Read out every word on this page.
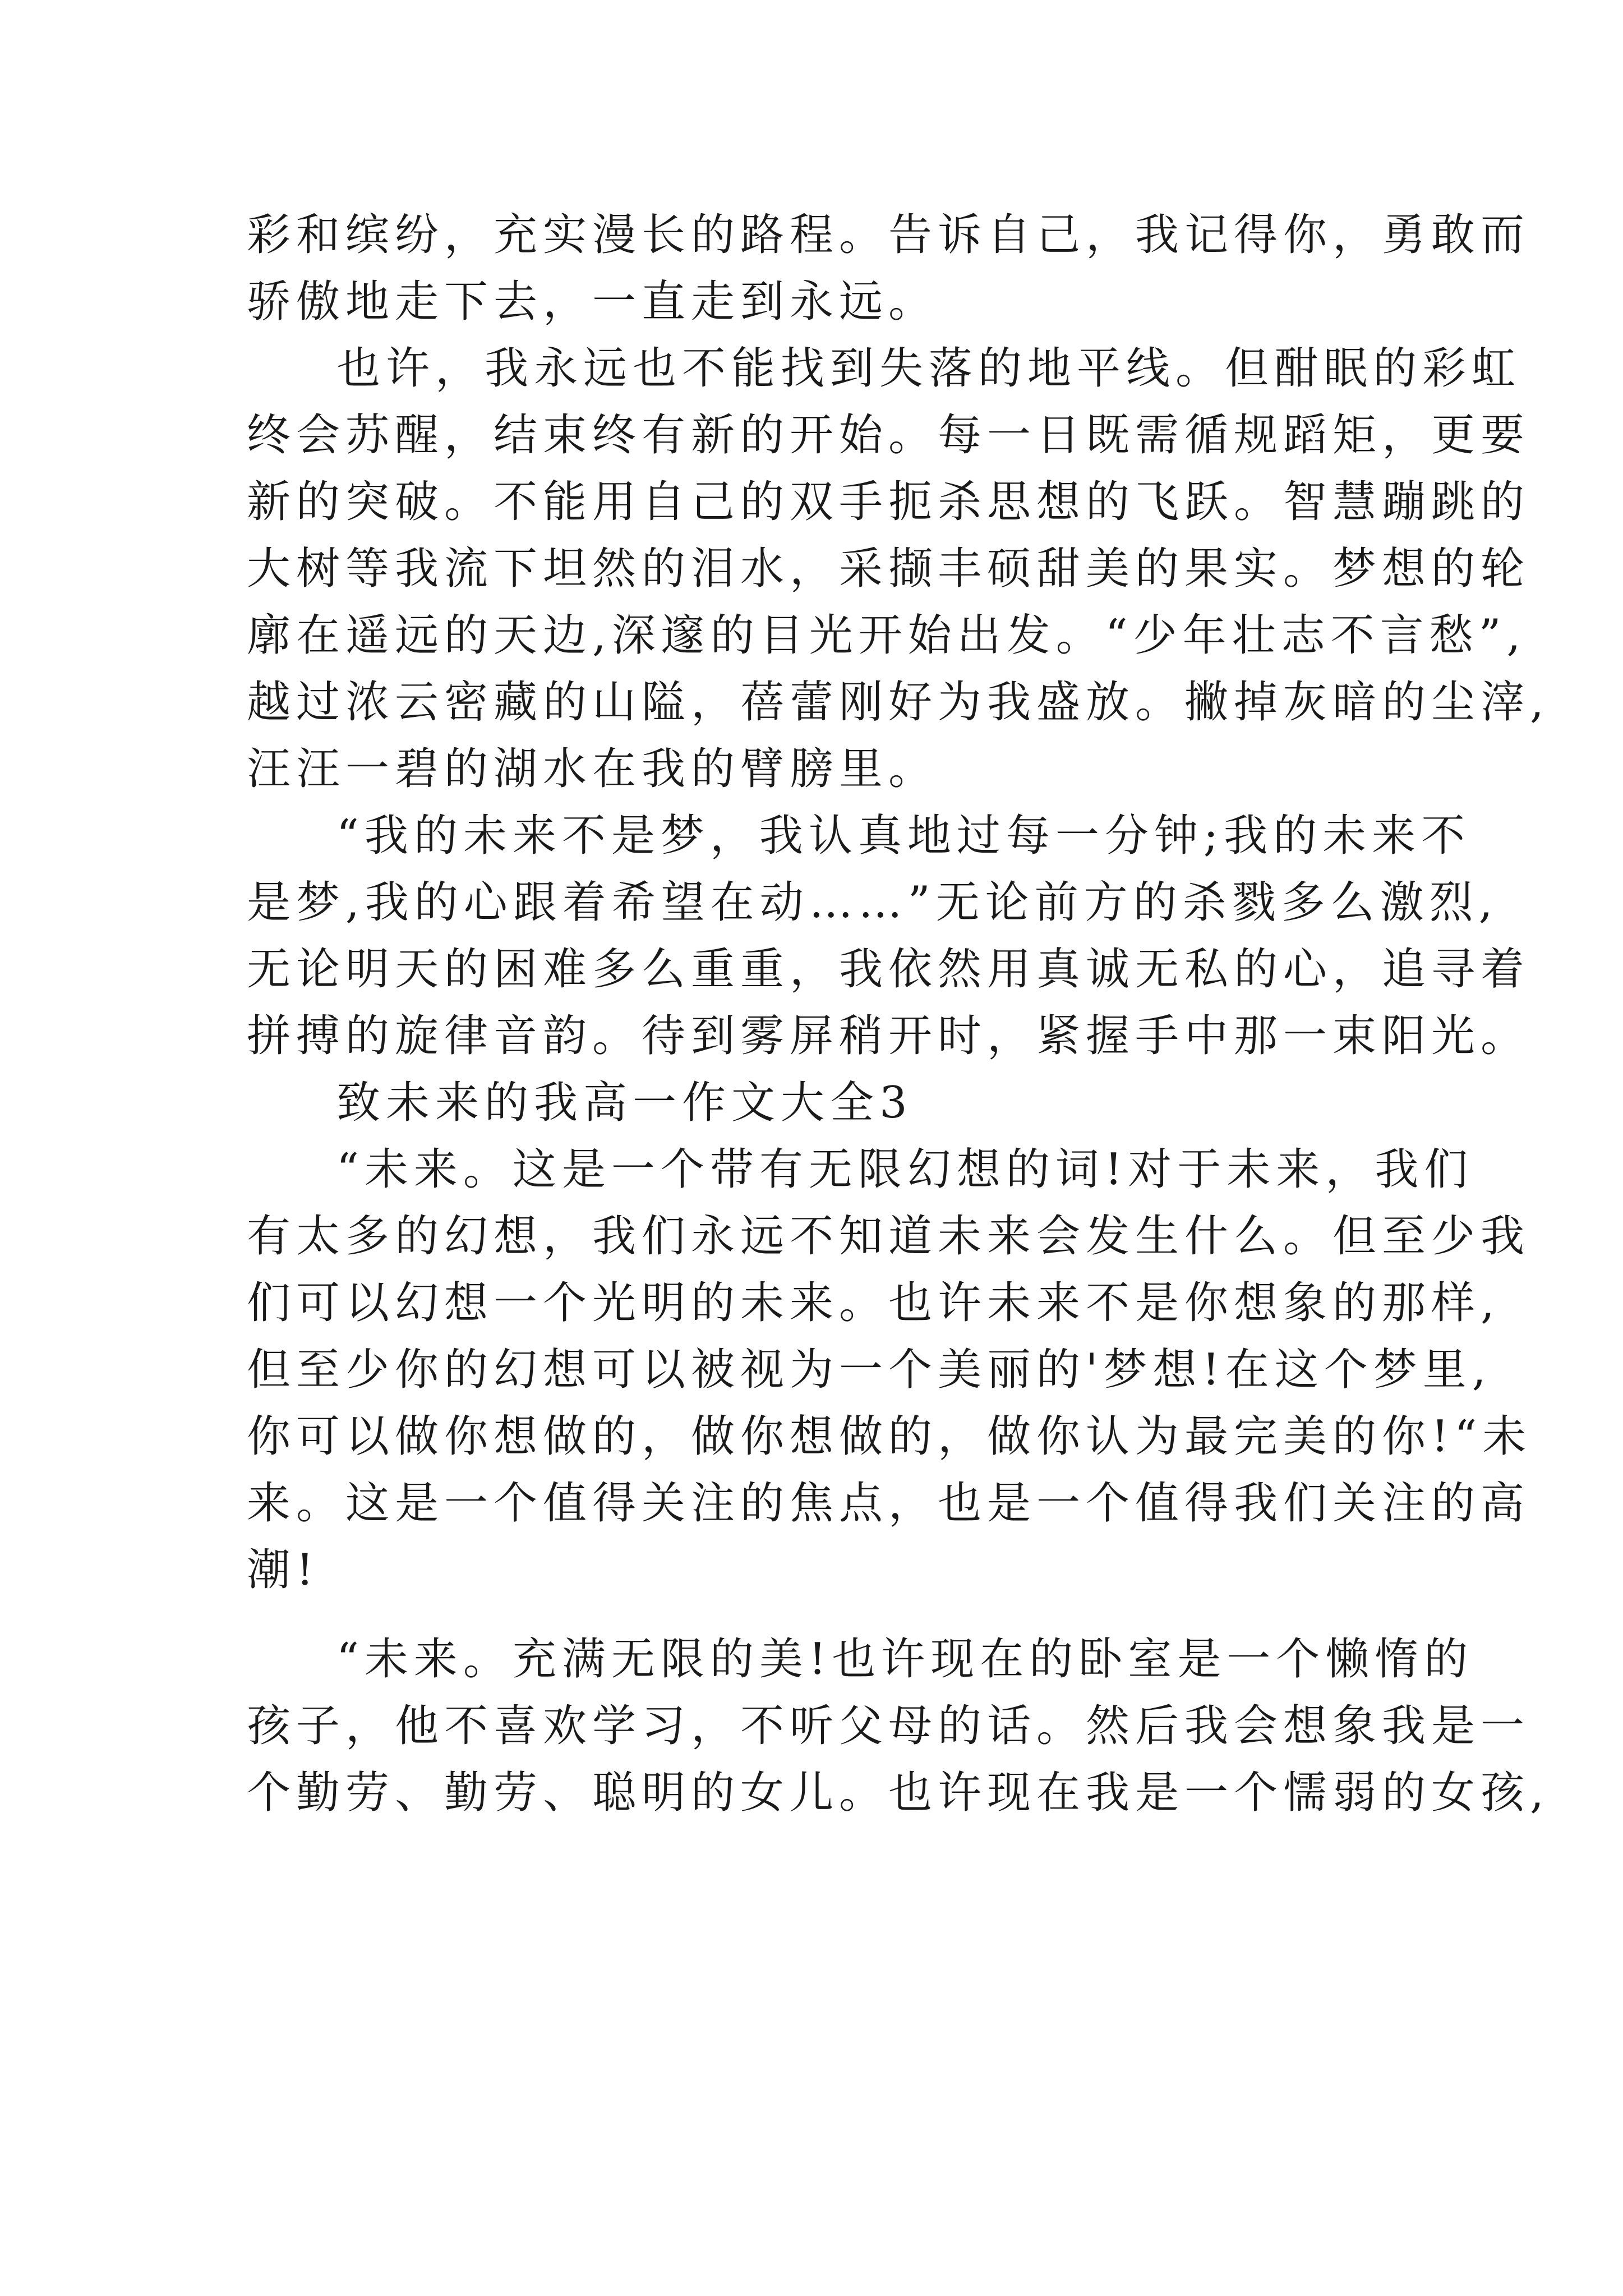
彩和缤纷，充实漫长的路程。告诉自己，我记得你，勇敢而
骄傲地走下去，一直走到永远。
也许，我永远也不能找到失落的地平线。但酣眠的彩虹
终会苏醒，结束终有新的开始。每一日既需循规蹈矩，更要
新的突破。不能用自己的双手扼杀思想的飞跃。智慧蹦跳的
大树等我流下坦然的泪水，采撷丰硕甜美的果实。梦想的轮
廓在遥远的天边,深邃的目光开始出发。“少年壮志不言愁”,
越过浓云密藏的山隘，蓓蕾刚好为我盛放。撇掉灰暗的尘滓,
汪汪一碧的湖水在我的臂膀里。
“我的未来不是梦，我认真地过每一分钟;我的未来不
是梦,我的心跟着希望在动……”无论前方的杀戮多么激烈,
无论明天的困难多么重重，我依然用真诚无私的心，追寻着
拼搏的旋律音韵。待到雾屏稍开时，紧握手中那一束阳光。
致未来的我高一作文大全3
“未来。这是一个带有无限幻想的词!对于未来，我们
有太多的幻想，我们永远不知道未来会发生什么。但至少我
们可以幻想一个光明的未来。也许未来不是你想象的那样,
但至少你的幻想可以被视为一个美丽的'梦想!在这个梦里,
你可以做你想做的，做你想做的，做你认为最完美的你!“未
来。这是一个值得关注的焦点，也是一个值得我们关注的高
潮!
“未来。充满无限的美!也许现在的卧室是一个懒惰的
孩子，他不喜欢学习，不听父母的话。然后我会想象我是一
个勤劳、勤劳、聪明的女儿。也许现在我是一个懦弱的女孩,
